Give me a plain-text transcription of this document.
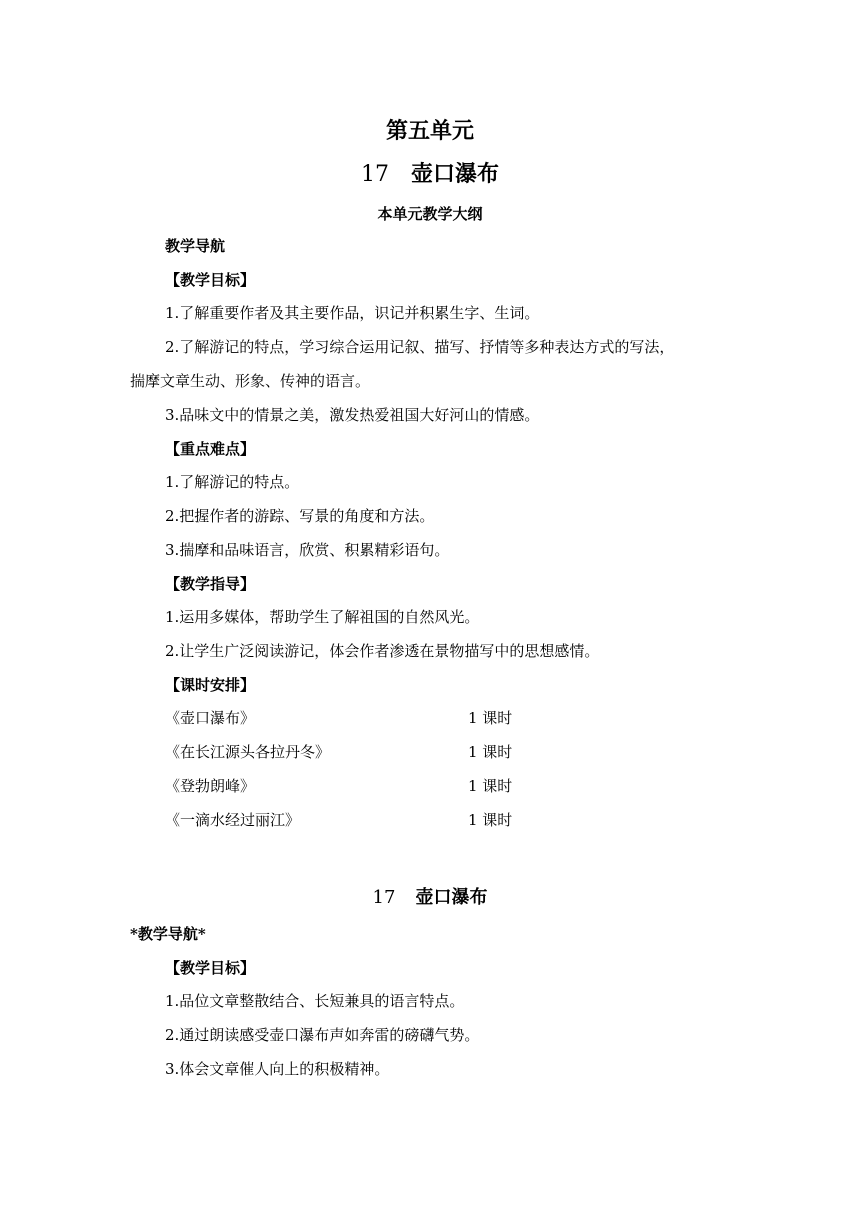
第五单元
17 壶口瀑布
本单元教学大纲
教学导航
【教学目标】
1.了解重要作者及其主要作品，识记并积累生字、生词。
2.了解游记的特点，学习综合运用记叙、描写、抒情等多种表达方式的写法，
揣摩文章生动、形象、传神的语言。
3.品味文中的情景之美，激发热爱祖国大好河山的情感。
【重点难点】
1.了解游记的特点。
2.把握作者的游踪、写景的角度和方法。
3.揣摩和品味语言，欣赏、积累精彩语句。
【教学指导】
1.运用多媒体，帮助学生了解祖国的自然风光。
2.让学生广泛阅读游记，体会作者渗透在景物描写中的思想感情。
【课时安排】
《壶口瀑布》	1 课时
《在长江源头各拉丹冬》	1 课时
《登勃朗峰》	1 课时
《一滴水经过丽江》	1 课时
17 壶口瀑布
*教学导航*
【教学目标】
1.品位文章整散结合、长短兼具的语言特点。
2.通过朗读感受壶口瀑布声如奔雷的磅礴气势。
3.体会文章催人向上的积极精神。
